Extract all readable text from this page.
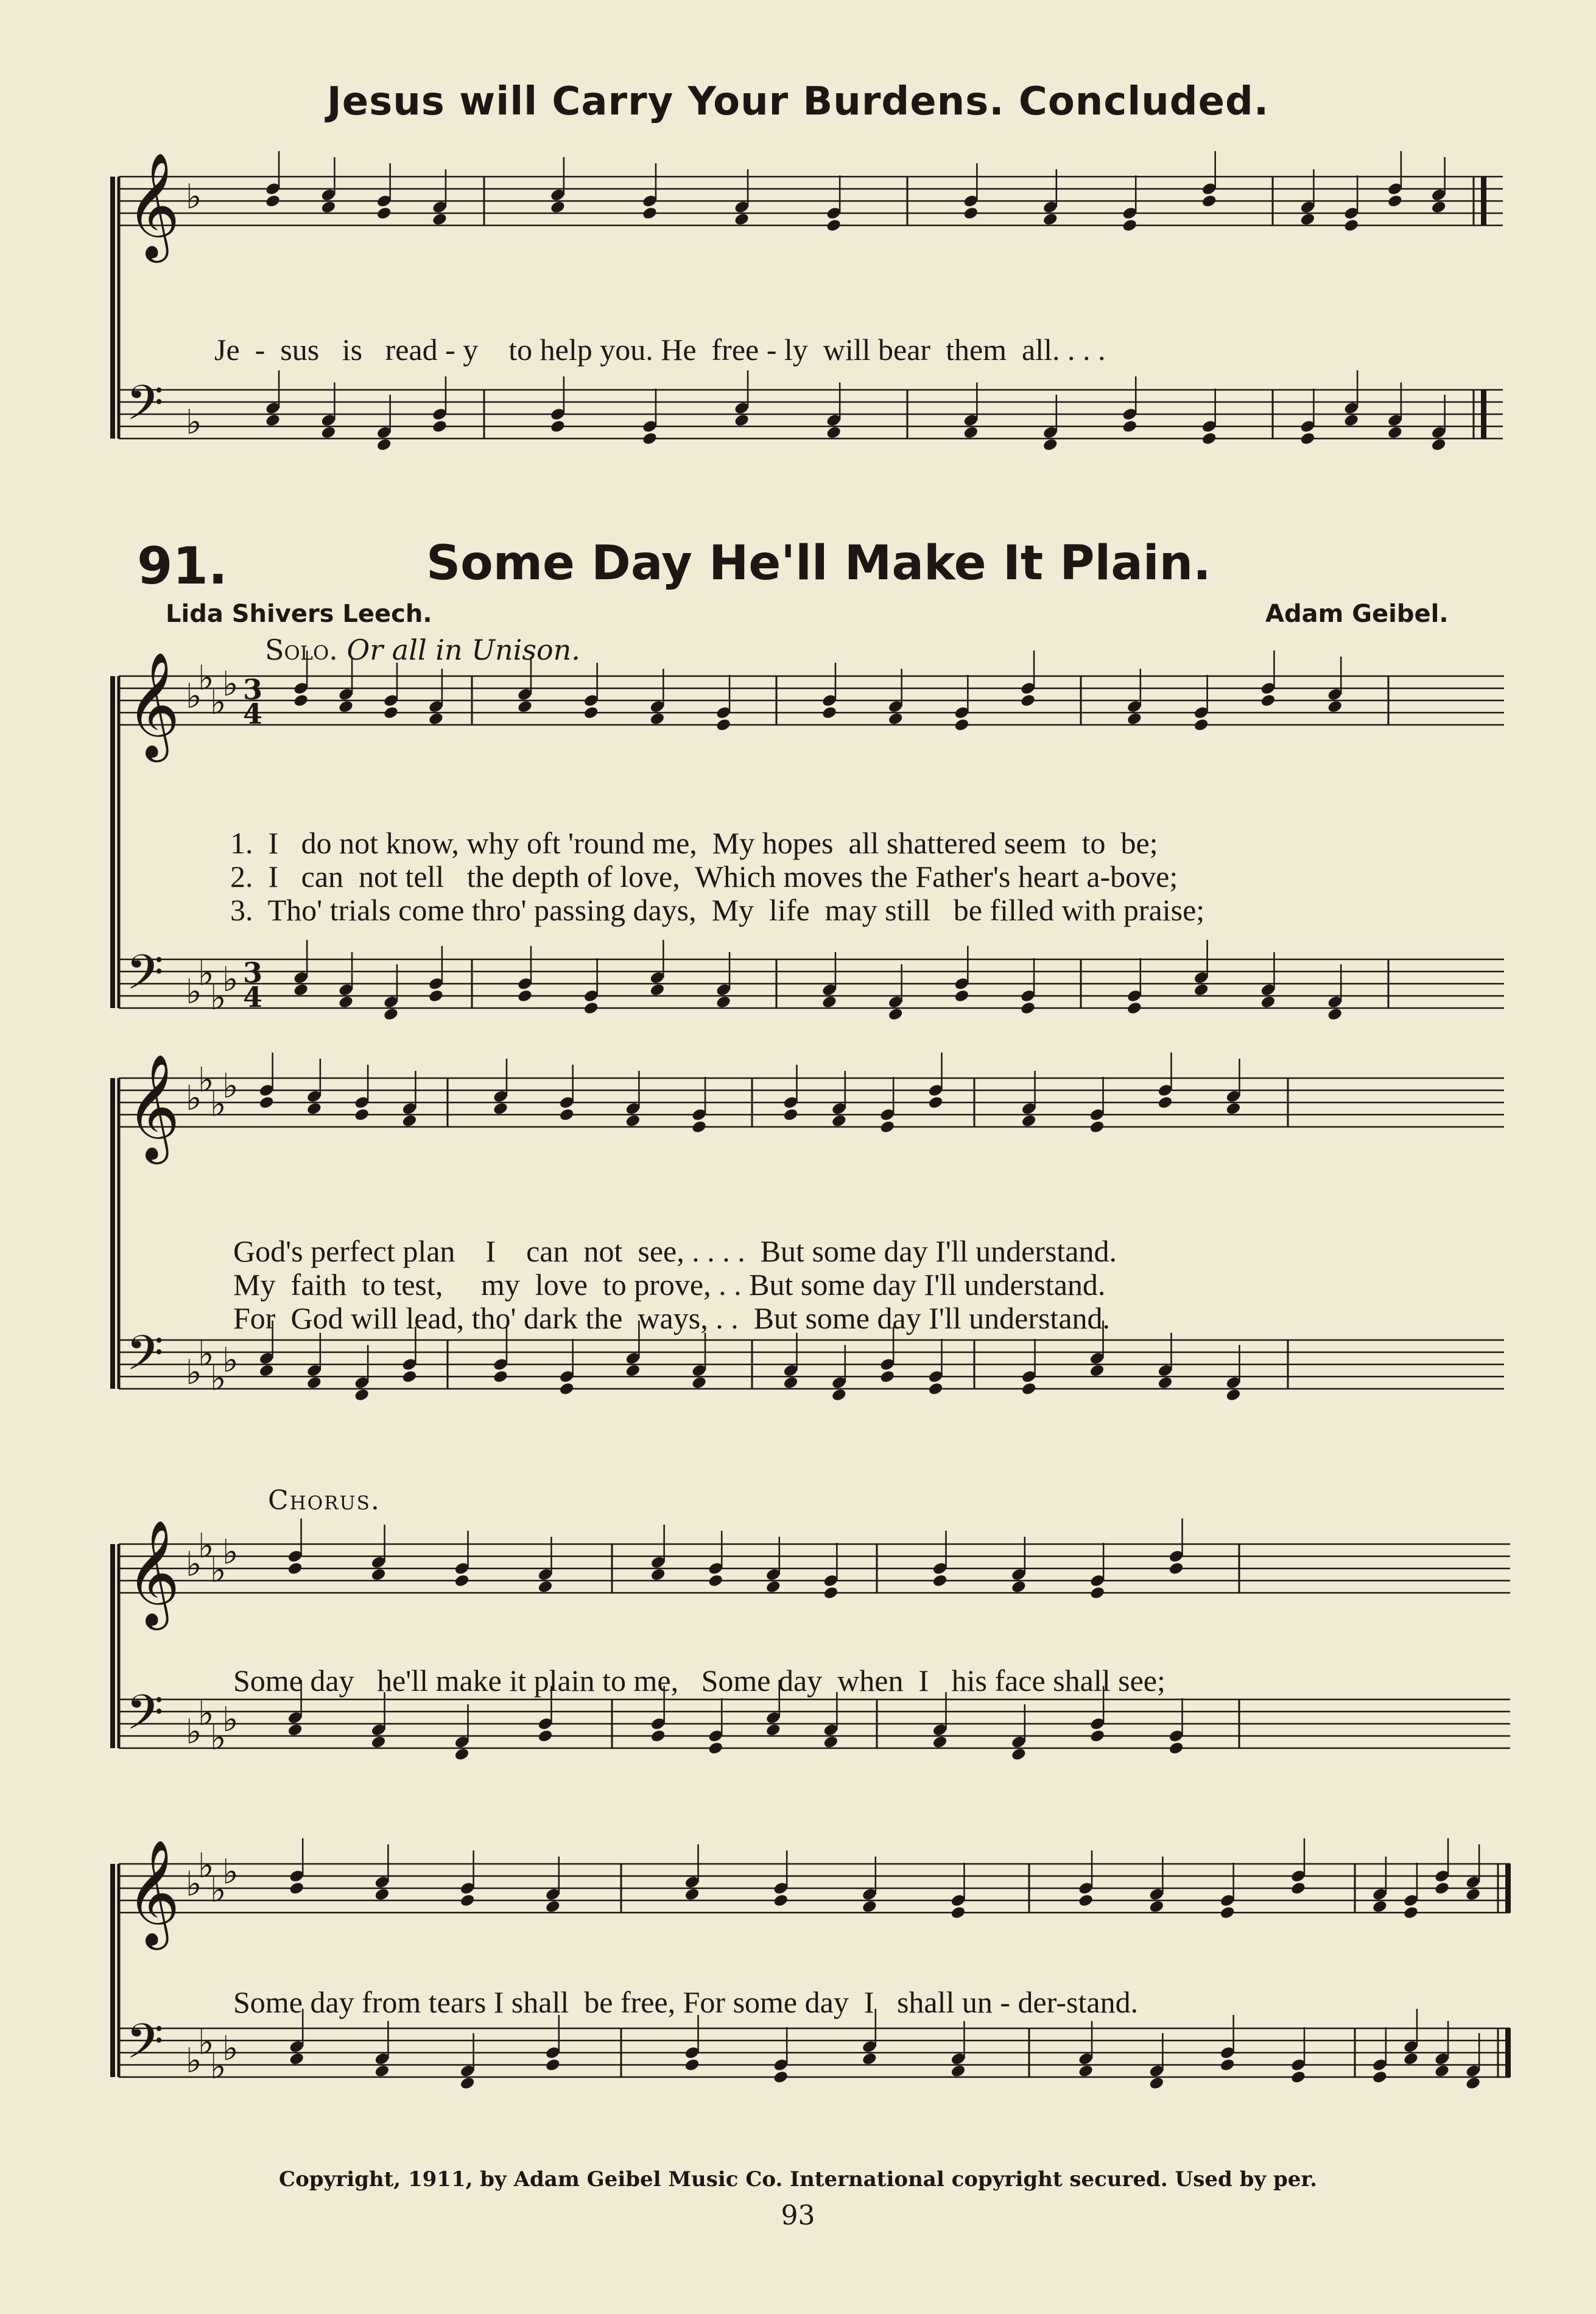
Jesus will Carry Your Burdens. Concluded.
91.	Some Day He'll Make It Plain.
Lida Shivers Leech.	Adam Geibel.
Solo. Or all in Unison.
Chorus.
Je  -  sus   is   read - y    to help you. He  free - ly  will bear  them  all. . . .
1.  I   do not know, why oft 'round me,  My hopes  all shattered seem  to  be;
2.  I   can  not tell   the depth of love,  Which moves the Father's heart a-bove;
3.  Tho' trials come thro' passing days,  My  life  may still   be filled with praise;
God's perfect plan    I    can  not  see, . . . .  But some day I'll understand.
My  faith  to test,     my  love  to prove, . . But some day I'll understand.
For  God will lead, tho' dark the  ways, . .  But some day I'll understand.
Some day   he'll make it plain to me,   Some day  when  I   his face shall see;
Some day from tears I shall  be free, For some day  I   shall un - der-stand.
Copyright, 1911, by Adam Geibel Music Co. International copyright secured. Used by per.
93
𝄞 ♭
𝄢 ♭
𝄞 ♭
♭
♭
♭ 3
4
𝄢 ♭
♭
♭
♭ 3
4
𝄞 ♭
♭
♭
♭
𝄢 ♭
♭
♭
♭
𝄞 ♭
♭
♭
♭
𝄢 ♭
♭
♭
♭
𝄞 ♭
♭
♭
♭
𝄢 ♭
♭
♭
♭
